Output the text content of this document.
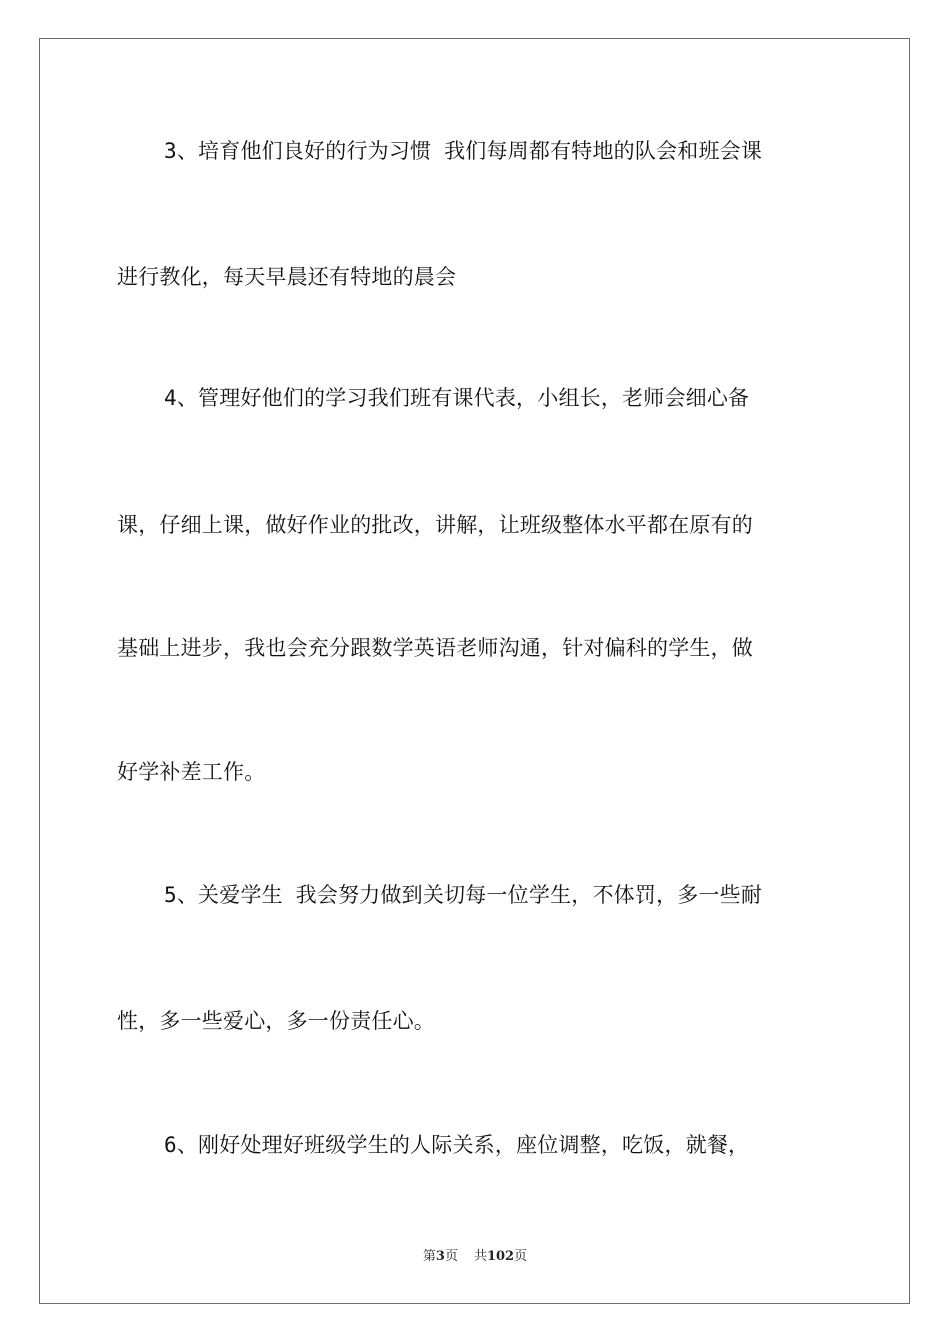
3、培育他们良好的行为习惯 我们每周都有特地的队会和班会课
进行教化，每天早晨还有特地的晨会
4、管理好他们的学习我们班有课代表，小组长，老师会细心备
课，仔细上课，做好作业的批改，讲解，让班级整体水平都在原有的
基础上进步，我也会充分跟数学英语老师沟通，针对偏科的学生，做
好学补差工作。
5、关爱学生 我会努力做到关切每一位学生，不体罚，多一些耐
性，多一些爱心，多一份责任心。
6、刚好处理好班级学生的人际关系，座位调整，吃饭，就餐，
第3页 共102页
